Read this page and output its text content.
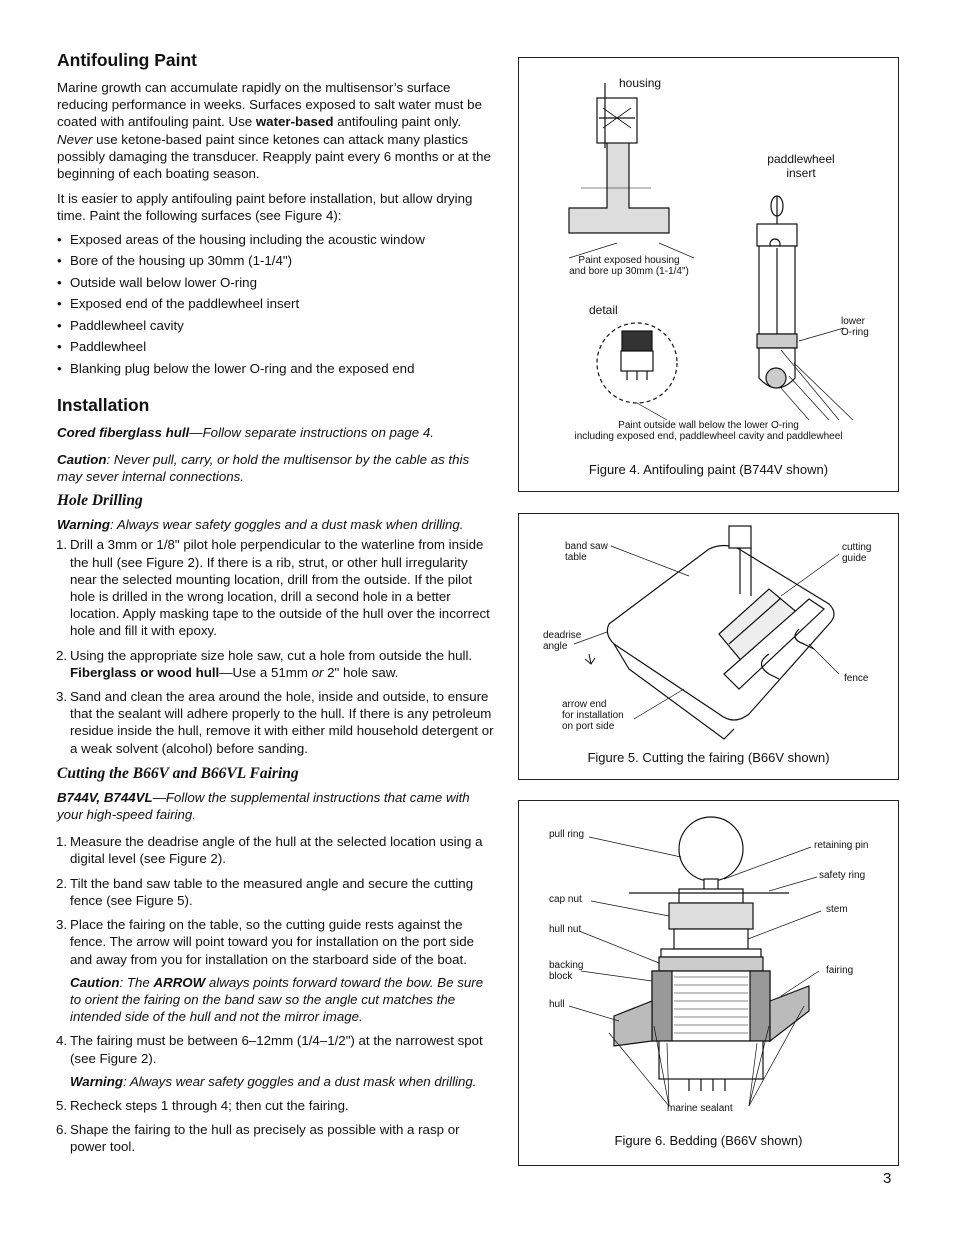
Antifouling Paint

Marine growth can accumulate rapidly on the multisensor’s surface reducing performance in weeks. Surfaces exposed to salt water must be coated with antifouling paint. Use water-based antifouling paint only. Never use ketone-based paint since ketones can attack many plastics possibly damaging the transducer. Reapply paint every 6 months or at the beginning of each boating season.

It is easier to apply antifouling paint before installation, but allow drying time. Paint the following surfaces (see Figure 4):

• Exposed areas of the housing including the acoustic window
• Bore of the housing up 30mm (1-1/4")
• Outside wall below lower O-ring
• Exposed end of the paddlewheel insert
• Paddlewheel cavity
• Paddlewheel
• Blanking plug below the lower O-ring and the exposed end
Installation

Cored fiberglass hull—Follow separate instructions on page 4.

Caution: Never pull, carry, or hold the multisensor by the cable as this may sever internal connections.

Hole Drilling

Warning: Always wear safety goggles and a dust mask when drilling.

1. Drill a 3mm or 1/8" pilot hole perpendicular to the waterline from inside the hull (see Figure 2). If there is a rib, strut, or other hull irregularity near the selected mounting location, drill from the outside. If the pilot hole is drilled in the wrong location, drill a second hole in a better location. Apply masking tape to the outside of the hull over the incorrect hole and fill it with epoxy.
2. Using the appropriate size hole saw, cut a hole from outside the hull. Fiberglass or wood hull—Use a 51mm or 2" hole saw.
3. Sand and clean the area around the hole, inside and outside, to ensure that the sealant will adhere properly to the hull. If there is any petroleum residue inside the hull, remove it with either mild household detergent or a weak solvent (alcohol) before sanding.
Cutting the B66V and B66VL Fairing

B744V, B744VL—Follow the supplemental instructions that came with your high-speed fairing.

1. Measure the deadrise angle of the hull at the selected location using a digital level (see Figure 2).
2. Tilt the band saw table to the measured angle and secure the cutting fence (see Figure 5).
3. Place the fairing on the table, so the cutting guide rests against the fence. The arrow will point toward you for installation on the port side and away from you for installation on the starboard side of the boat.

Caution: The ARROW always points forward toward the bow. Be sure to orient the fairing on the band saw so the angle cut matches the intended side of the hull and not the mirror image.

4. The fairing must be between 6–12mm (1/4–1/2") at the narrowest spot (see Figure 2).

Warning: Always wear safety goggles and a dust mask when drilling.

5. Recheck steps 1 through 4; then cut the fairing.
6. Shape the fairing to the hull as precisely as possible with a rasp or power tool.
housing
paddlewheel
insert
Paint exposed housing
and bore up 30mm (1-1/4")
detail
lower
O-ring
Paint outside wall below the lower O-ring
including exposed end, paddlewheel cavity and paddlewheel
Figure 4. Antifouling paint (B744V shown)
band saw
table
cutting
guide
deadrise
angle
fence
arrow end
for installation
on port side
Figure 5. Cutting the fairing (B66V shown)
pull ring
retaining pin
safety ring
cap nut
stem
hull nut
backing
block
fairing
hull
marine sealant
Figure 6. Bedding (B66V shown)
3
